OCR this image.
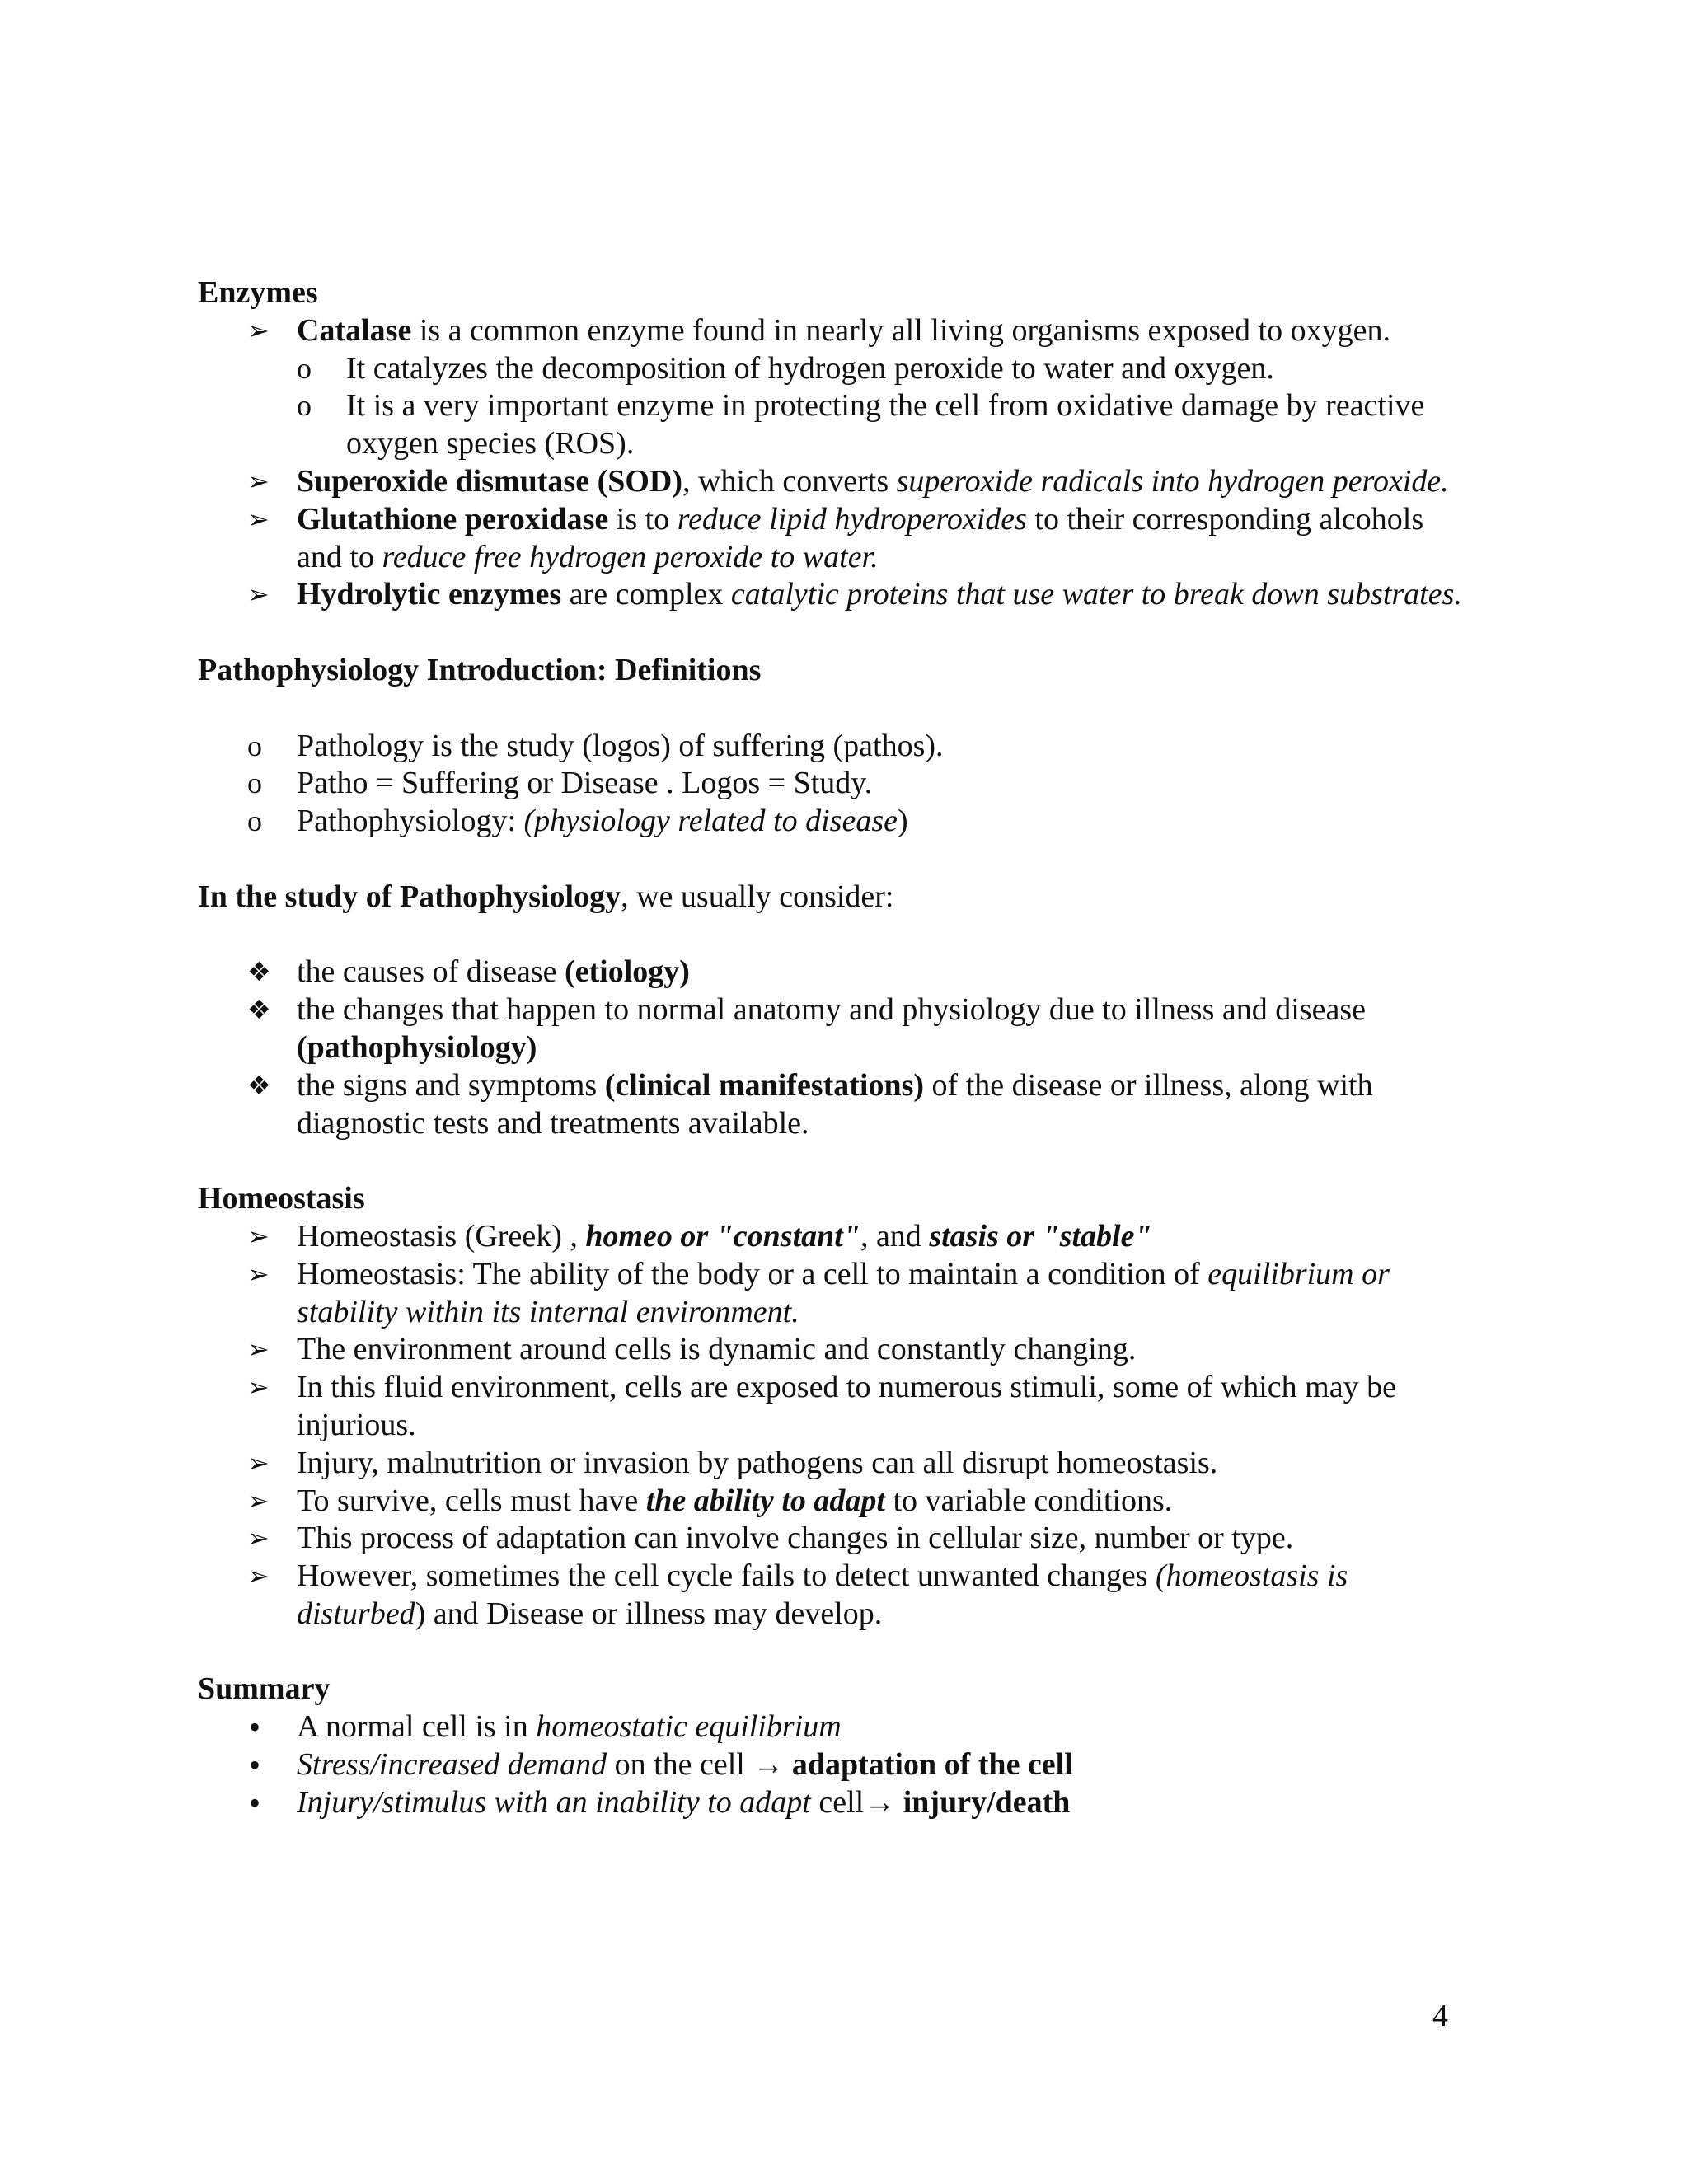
Enzymes
➢ Catalase is a common enzyme found in nearly all living organisms exposed to oxygen.
o It catalyzes the decomposition of hydrogen peroxide to water and oxygen.
o It is a very important enzyme in protecting the cell from oxidative damage by reactive oxygen species (ROS).
➢ Superoxide dismutase (SOD), which converts superoxide radicals into hydrogen peroxide.
➢ Glutathione peroxidase is to reduce lipid hydroperoxides to their corresponding alcohols and to reduce free hydrogen peroxide to water.
➢ Hydrolytic enzymes are complex catalytic proteins that use water to break down substrates.
Pathophysiology Introduction: Definitions
o Pathology is the study (logos) of suffering (pathos).
o Patho = Suffering or Disease . Logos = Study.
o Pathophysiology: (physiology related to disease)
In the study of Pathophysiology, we usually consider:
❖ the causes of disease (etiology)
❖ the changes that happen to normal anatomy and physiology due to illness and disease (pathophysiology)
❖ the signs and symptoms (clinical manifestations) of the disease or illness, along with diagnostic tests and treatments available.
Homeostasis
➢ Homeostasis (Greek) , homeo or "constant", and stasis or "stable"
➢ Homeostasis: The ability of the body or a cell to maintain a condition of equilibrium or stability within its internal environment.
➢ The environment around cells is dynamic and constantly changing.
➢ In this fluid environment, cells are exposed to numerous stimuli, some of which may be injurious.
➢ Injury, malnutrition or invasion by pathogens can all disrupt homeostasis.
➢ To survive, cells must have the ability to adapt to variable conditions.
➢ This process of adaptation can involve changes in cellular size, number or type.
➢ However, sometimes the cell cycle fails to detect unwanted changes (homeostasis is disturbed) and Disease or illness may develop.
Summary
• A normal cell is in homeostatic equilibrium
• Stress/increased demand on the cell → adaptation of the cell
• Injury/stimulus with an inability to adapt cell→ injury/death
4
